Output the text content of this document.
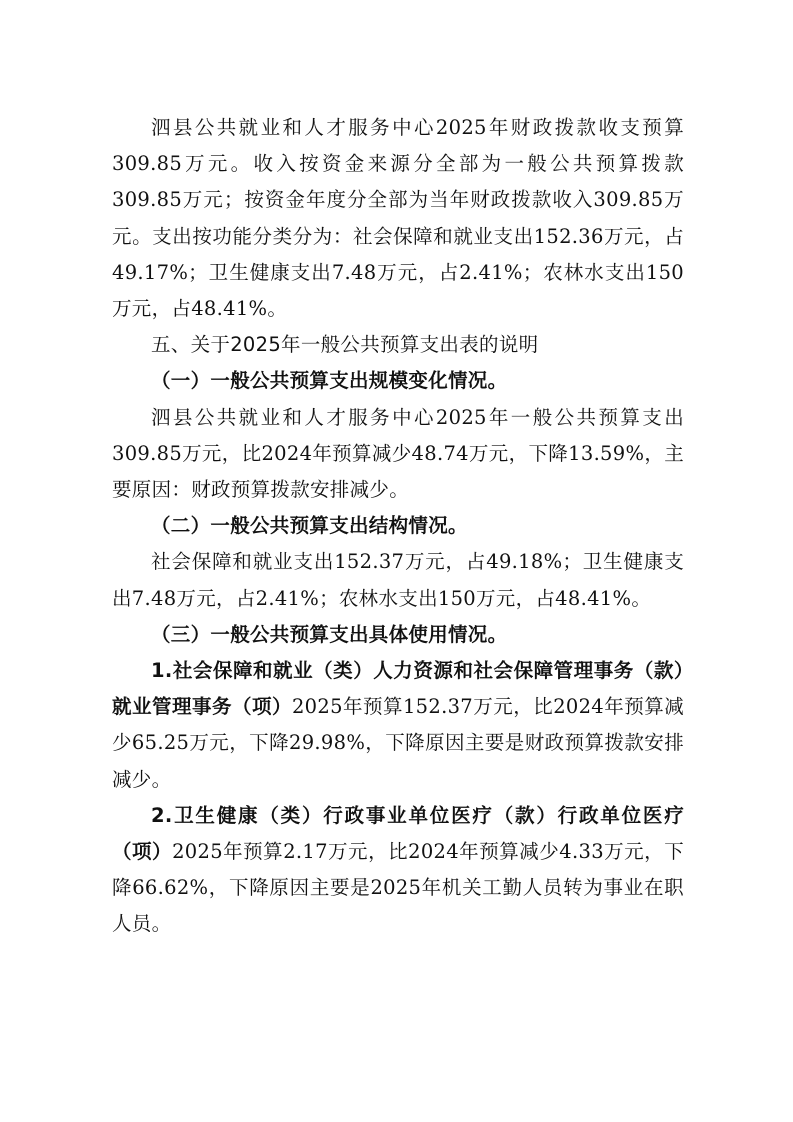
泗县公共就业和人才服务中心2025年财政拨款收支预算309.85万元。收入按资金来源分全部为一般公共预算拨款309.85万元；按资金年度分全部为当年财政拨款收入309.85万元。支出按功能分类分为：社会保障和就业支出152.36万元，占49.17%；卫生健康支出7.48万元，占2.41%；农林水支出150万元，占48.41%。

五、关于2025年一般公共预算支出表的说明

（一）一般公共预算支出规模变化情况。

泗县公共就业和人才服务中心2025年一般公共预算支出309.85万元，比2024年预算减少48.74万元，下降13.59%，主要原因：财政预算拨款安排减少。

（二）一般公共预算支出结构情况。

社会保障和就业支出152.37万元，占49.18%；卫生健康支出7.48万元，占2.41%；农林水支出150万元，占48.41%。

（三）一般公共预算支出具体使用情况。

1.社会保障和就业（类）人力资源和社会保障管理事务（款）就业管理事务（项）2025年预算152.37万元，比2024年预算减少65.25万元，下降29.98%，下降原因主要是财政预算拨款安排减少。

2.卫生健康（类）行政事业单位医疗（款）行政单位医疗（项）2025年预算2.17万元，比2024年预算减少4.33万元，下降66.62%，下降原因主要是2025年机关工勤人员转为事业在职人员。
